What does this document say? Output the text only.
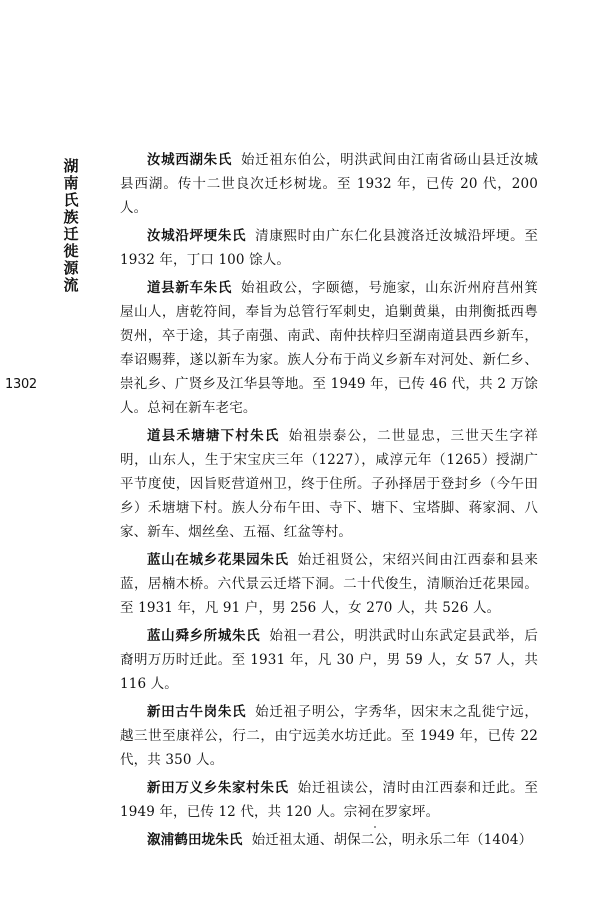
湖南氏族迁徙源流
1302

汝城西湖朱氏 始迁祖东伯公，明洪武间由江南省砀山县迁汝城县西湖。传十二世良次迁杉树垅。至 1932 年，已传 20 代，200 人。

汝城沿坪埂朱氏 清康熙时由广东仁化县渡洛迁汝城沿坪埂。至 1932 年，丁口 100 馀人。

道县新车朱氏 始祖政公，字颐德，号施家，山东沂州府莒州箕屋山人，唐乾符间，奉旨为总管行军刺史，追剿黄巢，由荆衡抵西粤贺州，卒于途，其子南强、南武、南仲扶梓归至湖南道县西乡新车，奉诏赐葬，遂以新车为家。族人分布于尚义乡新车对河处、新仁乡、崇礼乡、广贤乡及江华县等地。至 1949 年，已传 46 代，共 2 万馀人。总祠在新车老宅。

道县禾塘塘下村朱氏 始祖崇泰公，二世显忠，三世天生字祥明，山东人，生于宋宝庆三年（1227），咸淳元年（1265）授湖广平节度使，因旨贬营道州卫，终于住所。子孙择居于登封乡（今午田乡）禾塘塘下村。族人分布午田、寺下、塘下、宝塔脚、蒋家洞、八家、新车、烟丝垒、五福、红盆等村。

蓝山在城乡花果园朱氏 始迁祖贤公，宋绍兴间由江西泰和县来蓝，居楠木桥。六代景云迁塔下洞。二十代俊生，清顺治迁花果园。至 1931 年，凡 91 户，男 256 人，女 270 人，共 526 人。

蓝山舜乡所城朱氏 始祖一君公，明洪武时山东武定县武举，后裔明万历时迁此。至 1931 年，凡 30 户，男 59 人，女 57 人，共 116 人。

新田古牛岗朱氏 始迁祖子明公，字秀华，因宋末之乱徙宁远，越三世至康祥公，行二，由宁远美水坊迁此。至 1949 年，已传 22 代，共 350 人。

新田万义乡朱家村朱氏 始迁祖读公，清时由江西泰和迁此。至 1949 年，已传 12 代，共 120 人。宗祠在罗家坪。

溆浦鹤田垅朱氏 始迁祖太通、胡保二公，明永乐二年（1404）
